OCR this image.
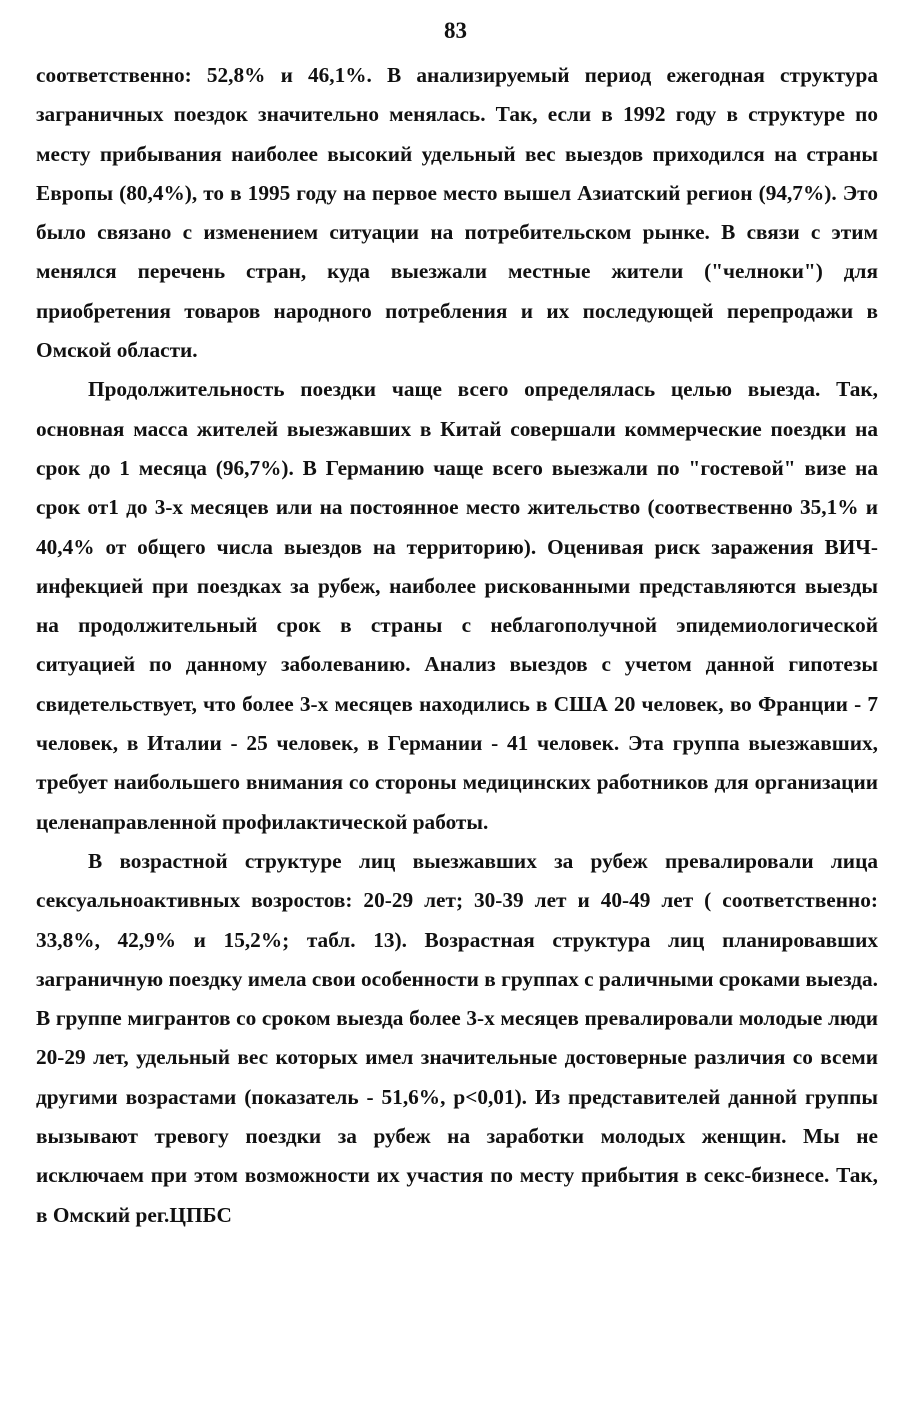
83

соответственно: 52,8% и 46,1%. В анализируемый период ежегодная структура заграничных поездок значительно менялась. Так, если в 1992 году в структуре по месту прибывания наиболее высокий удельный вес выездов приходился на страны Европы (80,4%), то в 1995 году на первое место вышел Азиатский регион (94,7%). Это было связано с изменением ситуации на потребительском рынке. В связи с этим менялся перечень стран, куда выезжали местные жители ("челноки") для приобретения товаров народного потребления и их последующей перепродажи в Омской области.

Продолжительность поездки чаще всего определялась целью выезда. Так, основная масса жителей выезжавших в Китай совершали коммерческие поездки на срок до 1 месяца (96,7%). В Германию чаще всего выезжали по "гостевой" визе на срок от1 до 3-х месяцев или на постоянное место жительство (соотвественно 35,1% и 40,4% от общего числа выездов на территорию). Оценивая риск заражения ВИЧ-инфекцией при поездках за рубеж, наиболее рискованными представляются выезды на продолжительный срок в страны с неблагополучной эпидемиологической ситуацией по данному заболеванию. Анализ выездов с учетом данной гипотезы свидетельствует, что более 3-х месяцев находились в США 20 человек, во Франции - 7 человек, в Италии - 25 человек, в Германии - 41 человек. Эта группа выезжавших, требует наибольшего внимания со стороны медицинских работников для организации целенаправленной профилактической работы.

В возрастной структуре лиц выезжавших за рубеж превалировали лица сексуальноактивных возростов: 20-29 лет; 30-39 лет и 40-49 лет ( соответственно: 33,8%, 42,9% и 15,2%; табл. 13). Возрастная структура лиц планировавших заграничную поездку имела свои особенности в группах с раличными сроками выезда. В группе мигрантов со сроком выезда более 3-х месяцев превалировали молодые люди 20-29 лет, удельный вес которых имел значительные достоверные различия со всеми другими возрастами (показатель - 51,6%, p<0,01). Из представителей данной группы вызывают тревогу поездки за рубеж на заработки молодых женщин. Мы не исключаем при этом возможности их участия по месту прибытия в секс-бизнесе. Так, в Омский рег.ЦПБС
